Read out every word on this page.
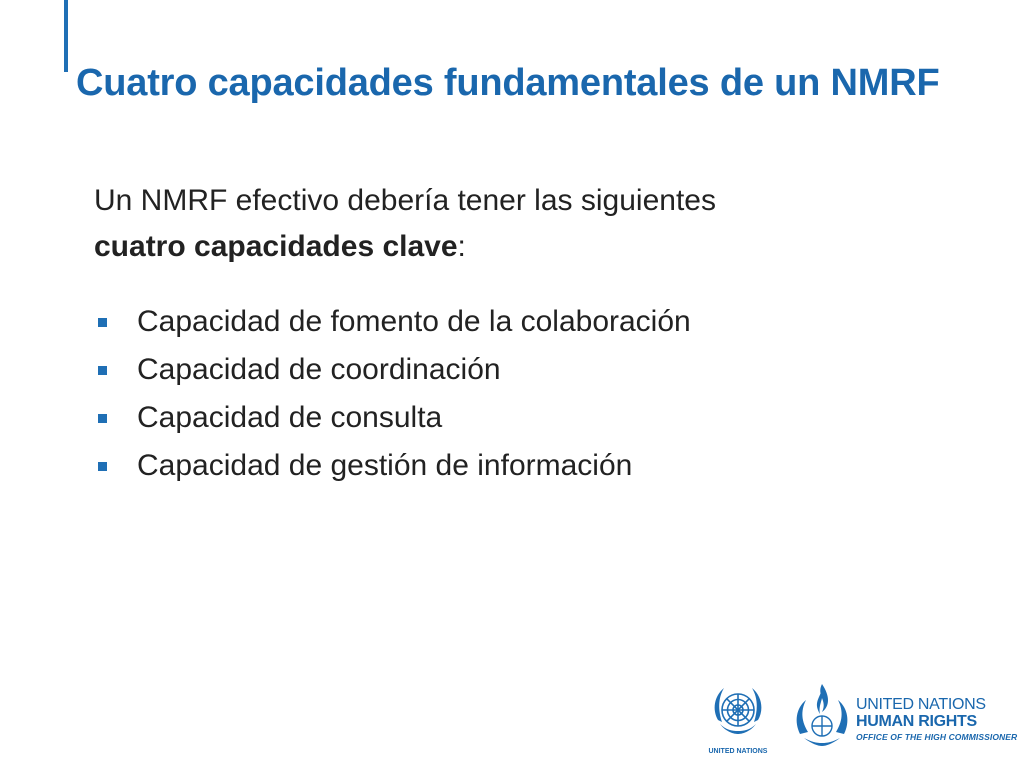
Cuatro capacidades fundamentales de un NMRF
Un NMRF efectivo debería tener las siguientes
cuatro capacidades clave:
Capacidad de fomento de la colaboración
Capacidad de coordinación
Capacidad de consulta
Capacidad de gestión de información
UNITED NATIONS
UNITED NATIONS
HUMAN RIGHTS
OFFICE OF THE HIGH COMMISSIONER
